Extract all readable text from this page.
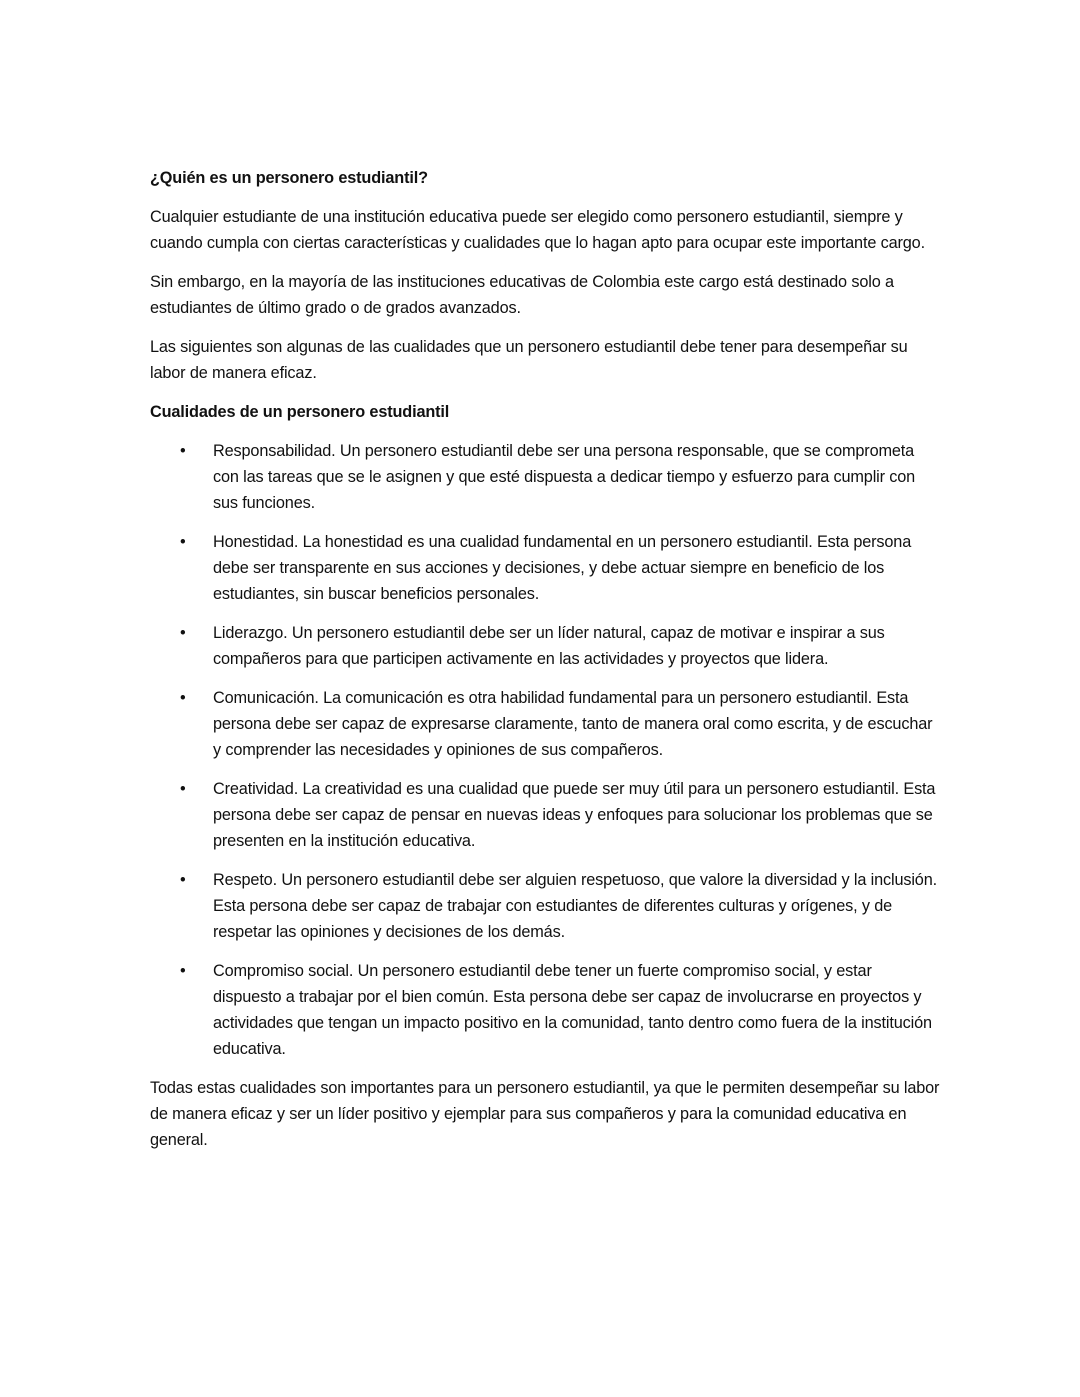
¿Quién es un personero estudiantil?

Cualquier estudiante de una institución educativa puede ser elegido como personero estudiantil, siempre y cuando cumpla con ciertas características y cualidades que lo hagan apto para ocupar este importante cargo.

Sin embargo, en la mayoría de las instituciones educativas de Colombia este cargo está destinado solo a estudiantes de último grado o de grados avanzados.

Las siguientes son algunas de las cualidades que un personero estudiantil debe tener para desempeñar su labor de manera eficaz.

Cualidades de un personero estudiantil
• Responsabilidad. Un personero estudiantil debe ser una persona responsable, que se comprometa con las tareas que se le asignen y que esté dispuesta a dedicar tiempo y esfuerzo para cumplir con sus funciones.
• Honestidad. La honestidad es una cualidad fundamental en un personero estudiantil. Esta persona debe ser transparente en sus acciones y decisiones, y debe actuar siempre en beneficio de los estudiantes, sin buscar beneficios personales.
• Liderazgo. Un personero estudiantil debe ser un líder natural, capaz de motivar e inspirar a sus compañeros para que participen activamente en las actividades y proyectos que lidera.
• Comunicación. La comunicación es otra habilidad fundamental para un personero estudiantil. Esta persona debe ser capaz de expresarse claramente, tanto de manera oral como escrita, y de escuchar y comprender las necesidades y opiniones de sus compañeros.
• Creatividad. La creatividad es una cualidad que puede ser muy útil para un personero estudiantil. Esta persona debe ser capaz de pensar en nuevas ideas y enfoques para solucionar los problemas que se presenten en la institución educativa.
• Respeto. Un personero estudiantil debe ser alguien respetuoso, que valore la diversidad y la inclusión. Esta persona debe ser capaz de trabajar con estudiantes de diferentes culturas y orígenes, y de respetar las opiniones y decisiones de los demás.
• Compromiso social. Un personero estudiantil debe tener un fuerte compromiso social, y estar dispuesto a trabajar por el bien común. Esta persona debe ser capaz de involucrarse en proyectos y actividades que tengan un impacto positivo en la comunidad, tanto dentro como fuera de la institución educativa.

Todas estas cualidades son importantes para un personero estudiantil, ya que le permiten desempeñar su labor de manera eficaz y ser un líder positivo y ejemplar para sus compañeros y para la comunidad educativa en general.
